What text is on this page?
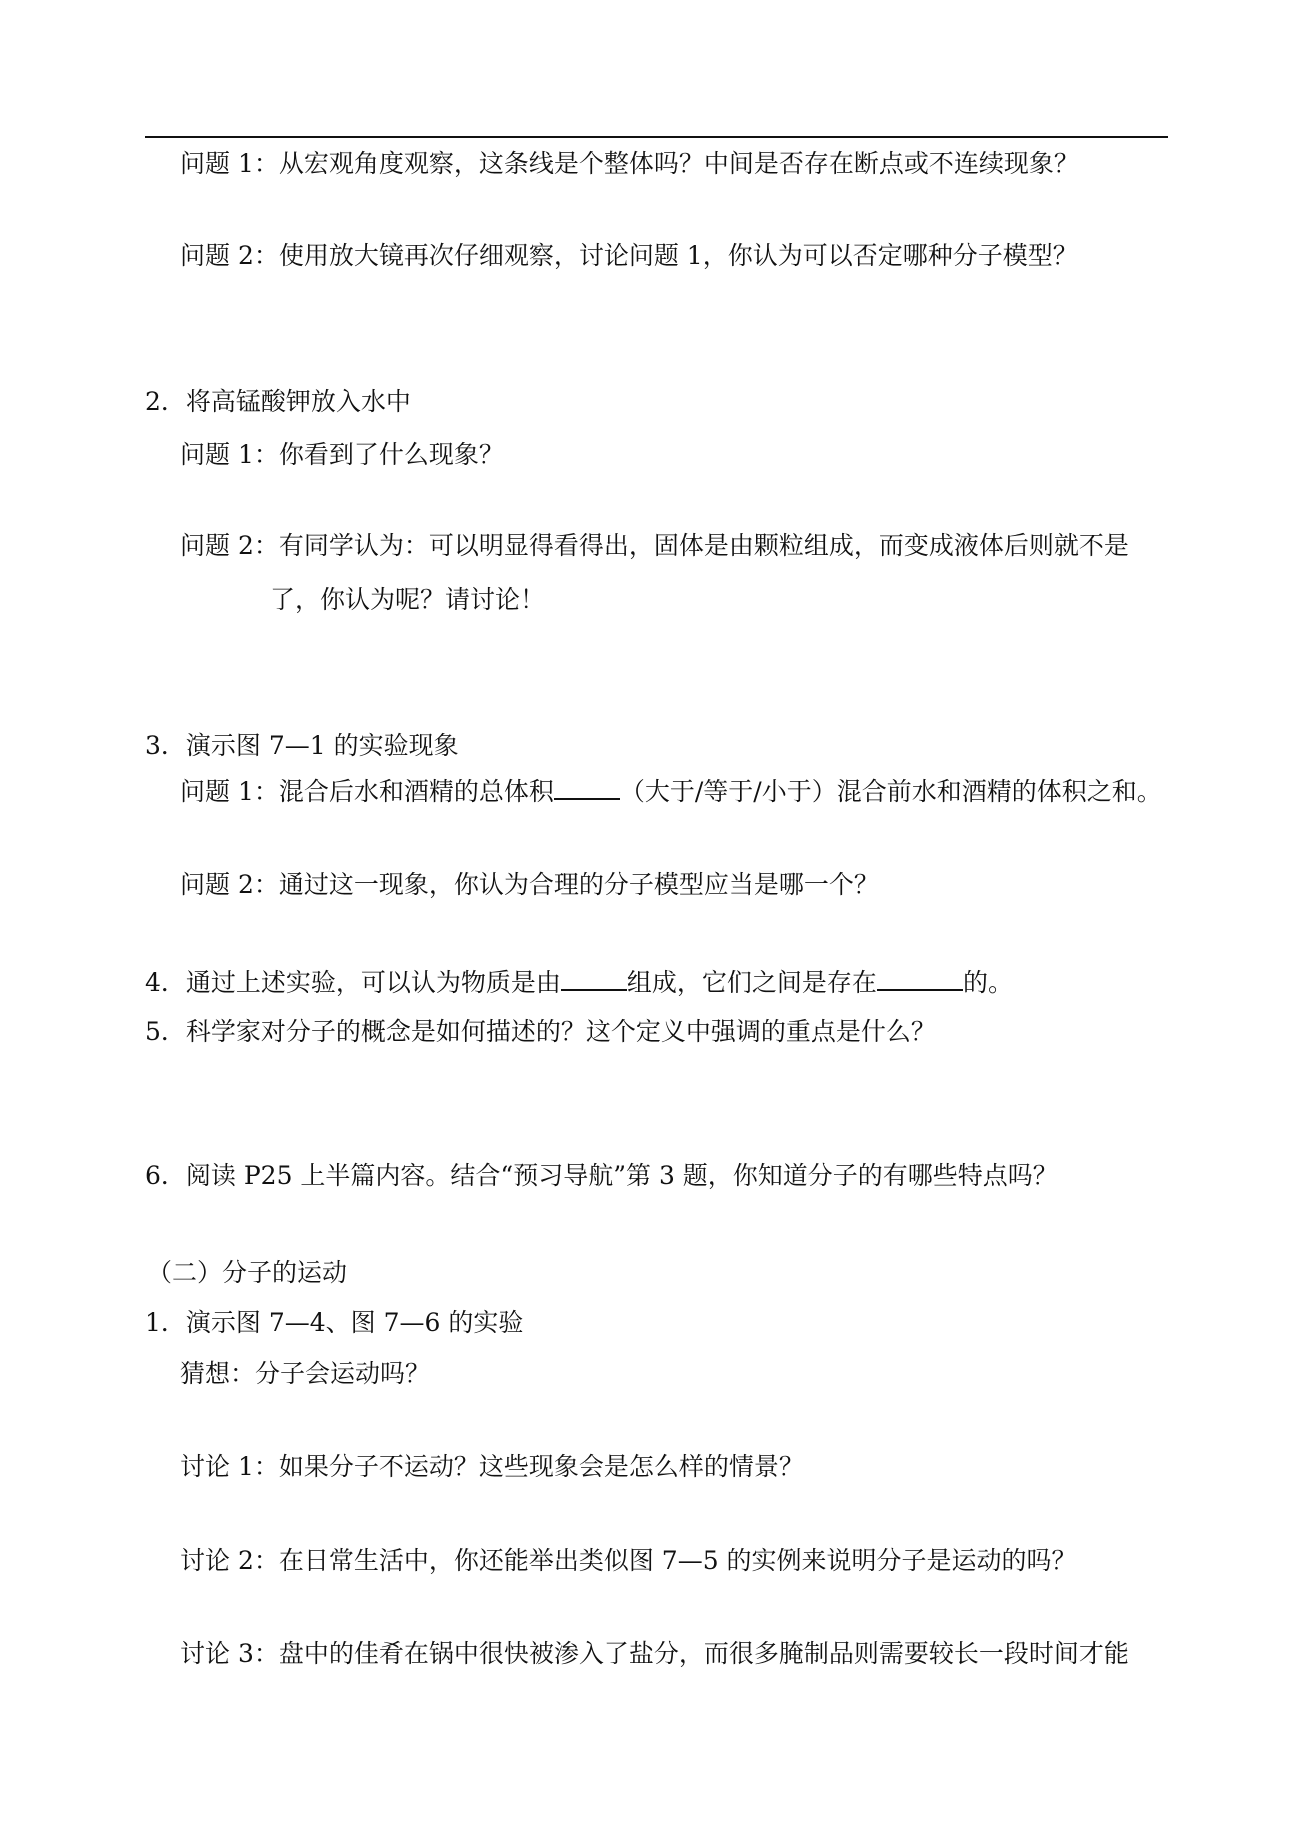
问题 1：从宏观角度观察，这条线是个整体吗？中间是否存在断点或不连续现象？
问题 2：使用放大镜再次仔细观察，讨论问题 1，你认为可以否定哪种分子模型？
2．将高锰酸钾放入水中
问题 1：你看到了什么现象？
问题 2：有同学认为：可以明显得看得出，固体是由颗粒组成，而变成液体后则就不是
了，你认为呢？请讨论！
3．演示图 7—1 的实验现象
问题 1：混合后水和酒精的总体积	（大于/等于/小于）混合前水和酒精的体积之和。
问题 2：通过这一现象，你认为合理的分子模型应当是哪一个？
4．通过上述实验，可以认为物质是由	组成，它们之间是存在	的。
5．科学家对分子的概念是如何描述的？这个定义中强调的重点是什么？
6．阅读 P25 上半篇内容。结合“预习导航”第 3 题，你知道分子的有哪些特点吗？
（二）分子的运动
1．演示图 7—4、图 7—6 的实验
猜想：分子会运动吗？
讨论 1：如果分子不运动？这些现象会是怎么样的情景？
讨论 2：在日常生活中，你还能举出类似图 7—5 的实例来说明分子是运动的吗？
讨论 3：盘中的佳肴在锅中很快被渗入了盐分，而很多腌制品则需要较长一段时间才能
